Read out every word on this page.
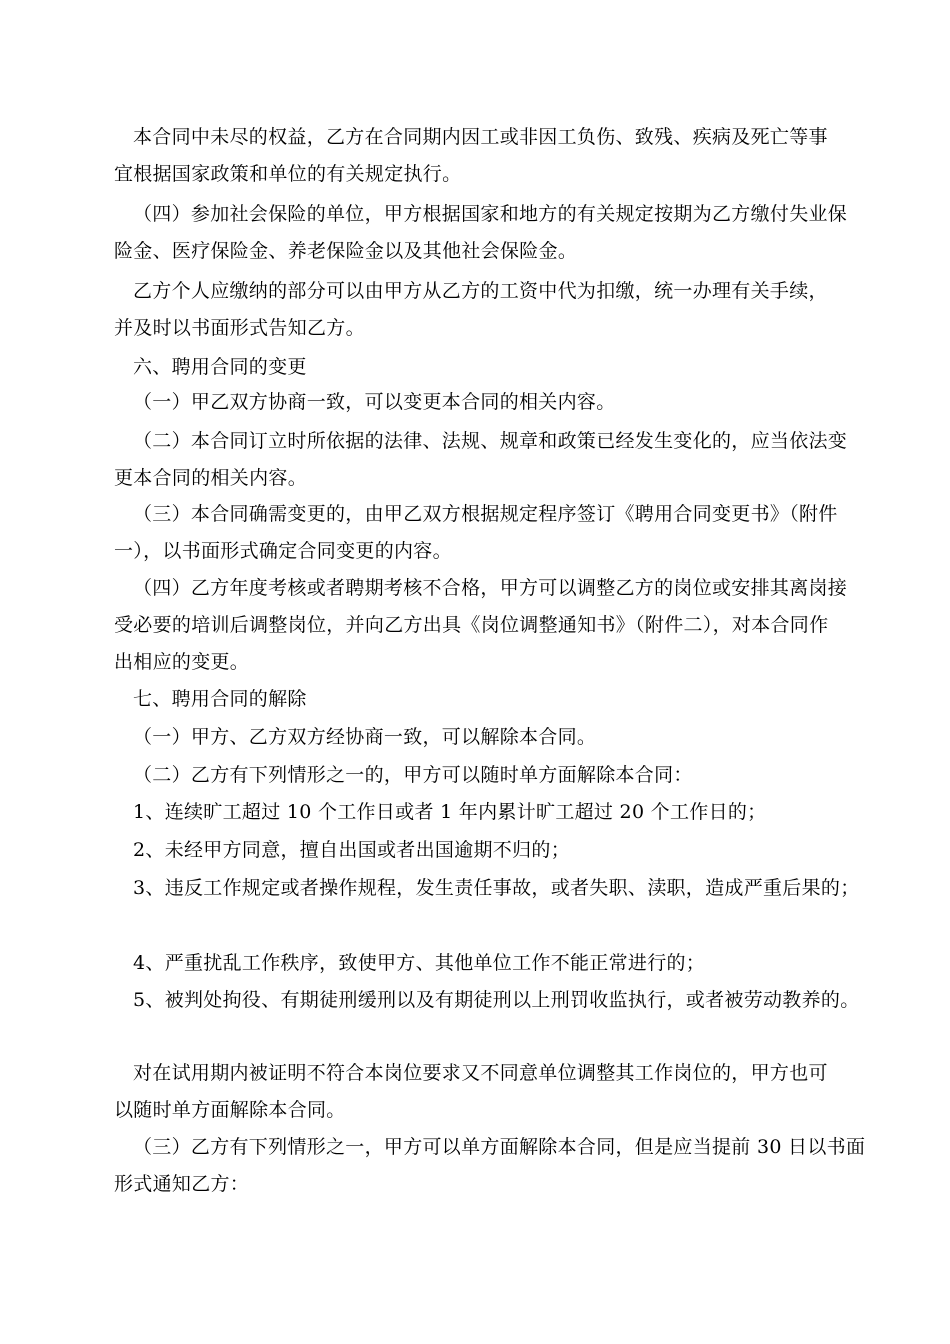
本合同中未尽的权益，乙方在合同期内因工或非因工负伤、致残、疾病及死亡等事
宜根据国家政策和单位的有关规定执行。
（四）参加社会保险的单位，甲方根据国家和地方的有关规定按期为乙方缴付失业保
险金、医疗保险金、养老保险金以及其他社会保险金。
乙方个人应缴纳的部分可以由甲方从乙方的工资中代为扣缴，统一办理有关手续，
并及时以书面形式告知乙方。
六、聘用合同的变更
（一）甲乙双方协商一致，可以变更本合同的相关内容。
（二）本合同订立时所依据的法律、法规、规章和政策已经发生变化的，应当依法变
更本合同的相关内容。
（三）本合同确需变更的，由甲乙双方根据规定程序签订《聘用合同变更书》（附件
一），以书面形式确定合同变更的内容。
（四）乙方年度考核或者聘期考核不合格，甲方可以调整乙方的岗位或安排其离岗接
受必要的培训后调整岗位，并向乙方出具《岗位调整通知书》（附件二），对本合同作
出相应的变更。
七、聘用合同的解除
（一）甲方、乙方双方经协商一致，可以解除本合同。
（二）乙方有下列情形之一的，甲方可以随时单方面解除本合同：
1、连续旷工超过 10 个工作日或者 1 年内累计旷工超过 20 个工作日的；
2、未经甲方同意，擅自出国或者出国逾期不归的；
3、违反工作规定或者操作规程，发生责任事故，或者失职、渎职，造成严重后果的；
4、严重扰乱工作秩序，致使甲方、其他单位工作不能正常进行的；
5、被判处拘役、有期徒刑缓刑以及有期徒刑以上刑罚收监执行，或者被劳动教养的。
对在试用期内被证明不符合本岗位要求又不同意单位调整其工作岗位的，甲方也可
以随时单方面解除本合同。
（三）乙方有下列情形之一，甲方可以单方面解除本合同，但是应当提前 30 日以书面
形式通知乙方：
